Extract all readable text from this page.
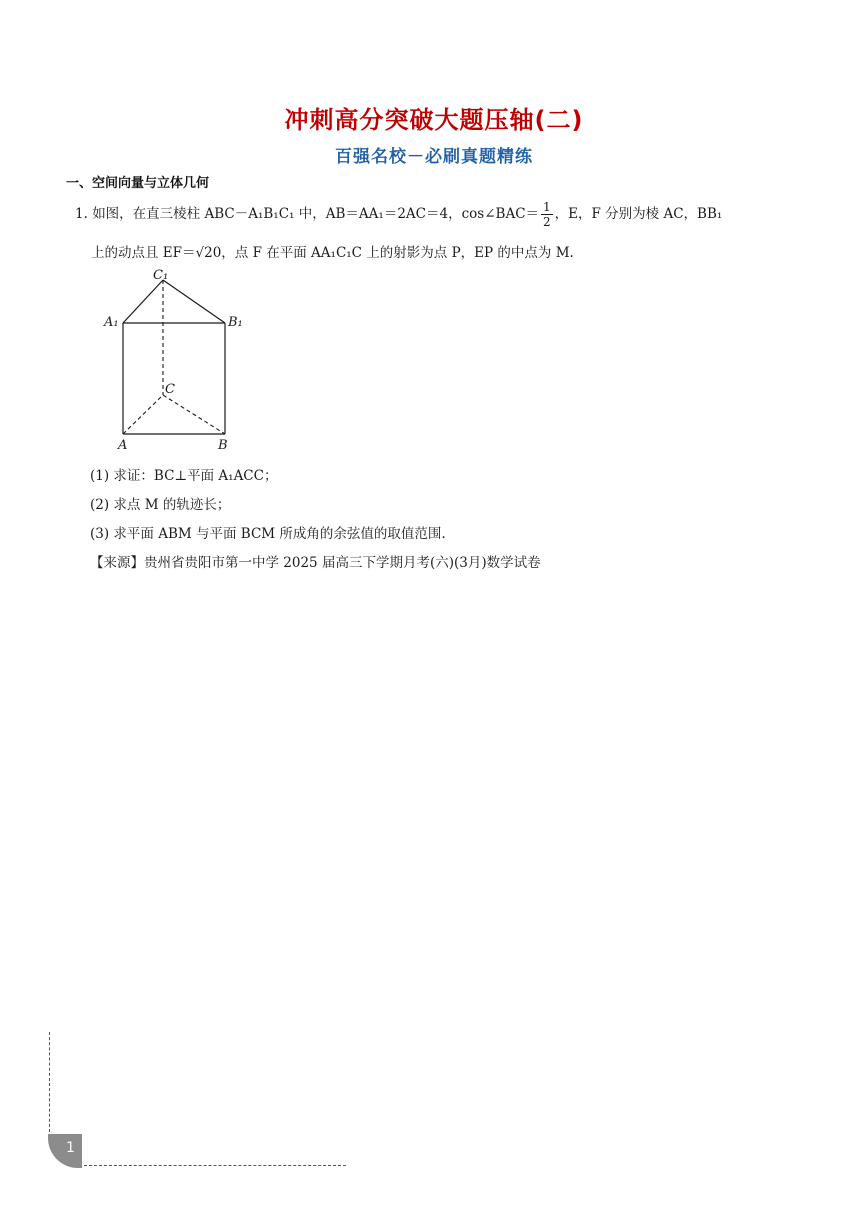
冲刺高分突破大题压轴(二)
百强名校－必刷真题精练
一、空间向量与立体几何
1. 如图，在直三棱柱 ABC－A₁B₁C₁ 中，AB＝AA₁＝2AC＝4，cos∠BAC＝ $\frac{1}{2}$ ，E，F 分别为棱 AC，BB₁
上的动点且 EF＝√20，点 F 在平面 AA₁C₁C 上的射影为点 P，EP 的中点为 M.
C₁
A₁	B₁
C
A	B
(1) 求证：BC⊥平面 A₁ACC；
(2) 求点 M 的轨迹长；
(3) 求平面 ABM 与平面 BCM 所成角的余弦值的取值范围.
【来源】贵州省贵阳市第一中学 2025 届高三下学期月考(六)(3月)数学试卷
1
